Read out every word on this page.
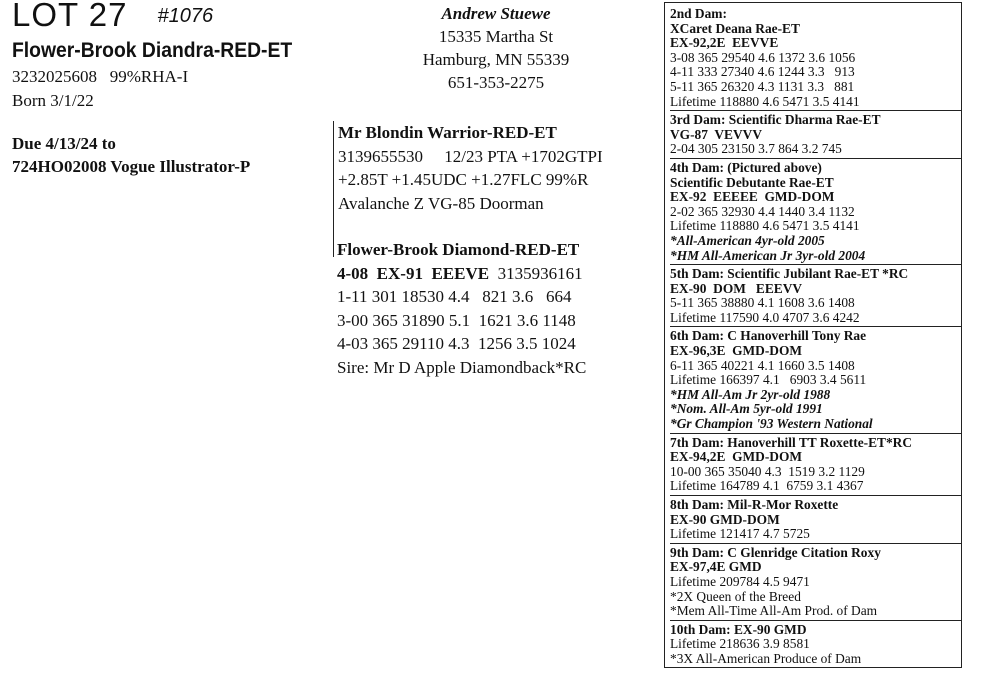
LOT 27 #1076
Flower-Brook Diandra-RED-ET
3232025608   99%RHA-I
Born 3/1/22
Due 4/13/24 to
724HO02008 Vogue Illustrator-P
Andrew Stuewe
15335 Martha St
Hamburg, MN 55339
651-353-2275
Mr Blondin Warrior-RED-ET
3139655530     12/23 PTA +1702GTPI
+2.85T +1.45UDC +1.27FLC 99%R
Avalanche Z VG-85 Doorman
Flower-Brook Diamond-RED-ET
4-08  EX-91  EEEVE  3135936161
1-11 301 18530 4.4   821 3.6   664
3-00 365 31890 5.1  1621 3.6 1148
4-03 365 29110 4.3  1256 3.5 1024
Sire: Mr D Apple Diamondback*RC
2nd Dam:
XCaret Deana Rae-ET
EX-92,2E  EEVVE
3-08 365 29540 4.6 1372 3.6 1056
4-11 333 27340 4.6 1244 3.3   913
5-11 365 26320 4.3 1131 3.3   881
Lifetime 118880 4.6 5471 3.5 4141
3rd Dam: Scientific Dharma Rae-ET
VG-87  VEVVV
2-04 305 23150 3.7 864 3.2 745
4th Dam: (Pictured above)
Scientific Debutante Rae-ET
EX-92  EEEEE  GMD-DOM
2-02 365 32930 4.4 1440 3.4 1132
Lifetime 118880 4.6 5471 3.5 4141
*All-American 4yr-old 2005
*HM All-American Jr 3yr-old 2004
5th Dam: Scientific Jubilant Rae-ET *RC
EX-90  DOM   EEEVV
5-11 365 38880 4.1 1608 3.6 1408
Lifetime 117590 4.0 4707 3.6 4242
6th Dam: C Hanoverhill Tony Rae
EX-96,3E  GMD-DOM
6-11 365 40221 4.1 1660 3.5 1408
Lifetime 166397 4.1   6903 3.4 5611
*HM All-Am Jr 2yr-old 1988
*Nom. All-Am 5yr-old 1991
*Gr Champion '93 Western National
7th Dam: Hanoverhill TT Roxette-ET*RC
EX-94,2E  GMD-DOM
10-00 365 35040 4.3  1519 3.2 1129
Lifetime 164789 4.1  6759 3.1 4367
8th Dam: Mil-R-Mor Roxette
EX-90 GMD-DOM
Lifetime 121417 4.7 5725
9th Dam: C Glenridge Citation Roxy
EX-97,4E GMD
Lifetime 209784 4.5 9471
*2X Queen of the Breed
*Mem All-Time All-Am Prod. of Dam
10th Dam: EX-90 GMD
Lifetime 218636 3.9 8581
*3X All-American Produce of Dam
